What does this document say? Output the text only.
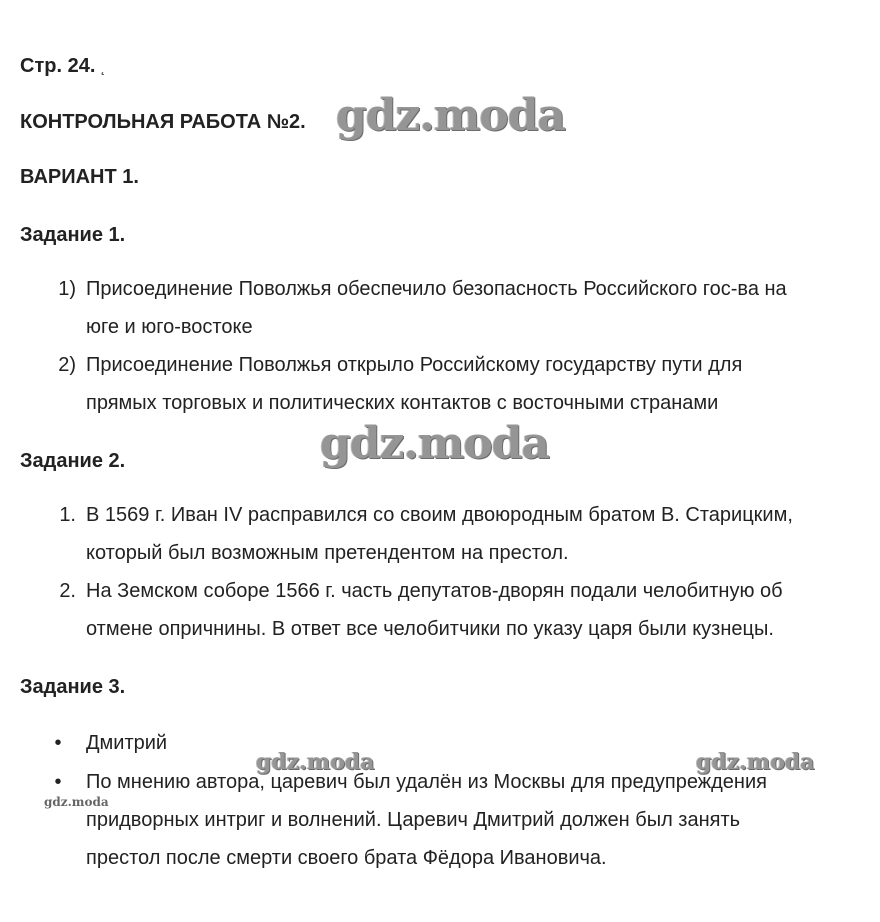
Стр. 24. ˛
КОНТРОЛЬНАЯ РАБОТА №2.
ВАРИАНТ 1.
Задание 1.
1) Присоединение Поволжья обеспечило безопасность Российского гос-ва на
юге и юго-востоке
2) Присоединение Поволжья открыло Российскому государству пути для
прямых торговых и политических контактов с восточными странами
Задание 2.
1. В 1569 г. Иван IV расправился со своим двоюродным братом В. Старицким,
который был возможным претендентом на престол.
2. На Земском соборе 1566 г. часть депутатов-дворян подали челобитную об
отмене опричнины. В ответ все челобитчики по указу царя были кузнецы.
Задание 3.
•	Дмитрий
•	По мнению автора, царевич был удалён из Москвы для предупреждения
придворных интриг и волнений. Царевич Дмитрий должен был занять
престол после смерти своего брата Фёдора Ивановича.
gdz.moda
gdz.moda
gdz.moda	gdz.moda
gdz.moda
